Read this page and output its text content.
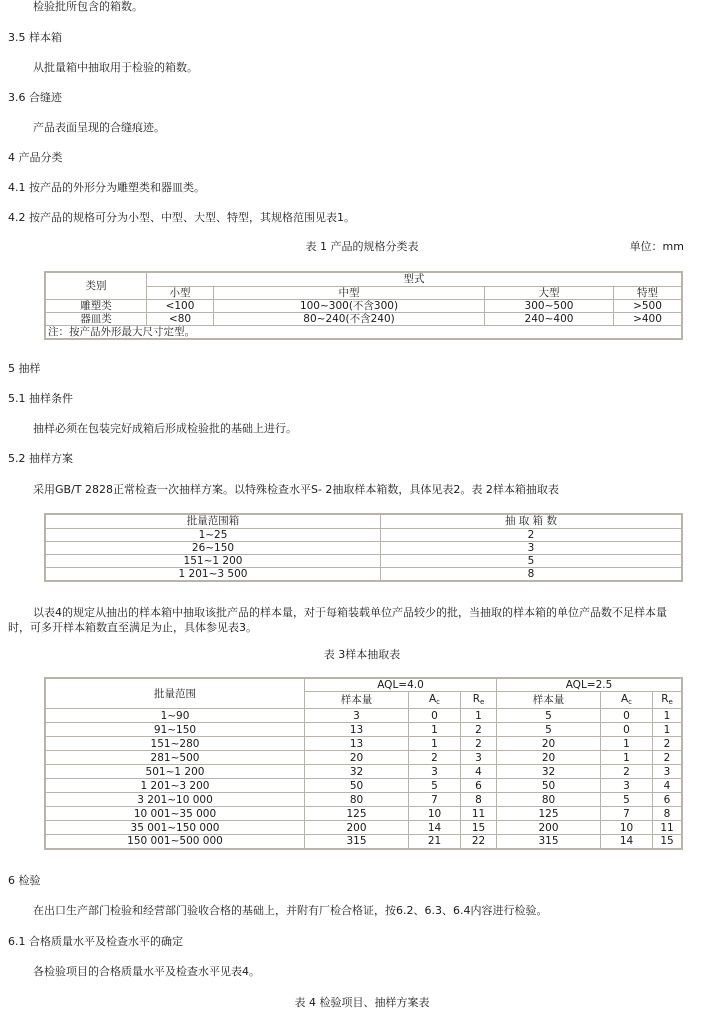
检验批所包含的箱数。

3.5 样本箱

从批量箱中抽取用于检验的箱数。

3.6 合缝迹

产品表面呈现的合缝痕迹。

4 产品分类

4.1 按产品的外形分为雕塑类和器皿类。

4.2 按产品的规格可分为小型、中型、大型、特型，其规格范围见表1。

表 1 产品的规格分类表	单位：mm

类别	型式			
	小型	中型	大型	特型
雕塑类	<100	100~300(不含300)	300~500	>500
器皿类	<80	80~240(不含240)	240~400	>400
注：按产品外形最大尺寸定型。				

5 抽样

5.1 抽样条件

抽样必须在包装完好成箱后形成检验批的基础上进行。

5.2 抽样方案

采用GB/T 2828正常检查一次抽样方案。以特殊检查水平S- 2抽取样本箱数，具体见表2。表 2样本箱抽取表

批量范围箱	抽 取 箱 数
1~25	2
26~150	3
151~1 200	5
1 201~3 500	8

以表4的规定从抽出的样本箱中抽取该批产品的样本量，对于每箱装载单位产品较少的批，当抽取的样本箱的单位产品数不足样本量时，可多开样本箱数直至满足为止，具体参见表3。

表 3样本抽取表

批量范围	AQL=4.0			AQL=2.5		
	样本量	$A_c$	$R_e$	样本量	$A_c$	$R_e$
1~90	3	0	1	5	0	1
91~150	13	1	2	5	0	1
151~280	13	1	2	20	1	2
281~500	20	2	3	20	1	2
501~1 200	32	3	4	32	2	3
1 201~3 200	50	5	6	50	3	4
3 201~10 000	80	7	8	80	5	6
10 001~35 000	125	10	11	125	7	8
35 001~150 000	200	14	15	200	10	11
150 001~500 000	315	21	22	315	14	15

6 检验

在出口生产部门检验和经营部门验收合格的基础上，并附有厂检合格证，按6.2、6.3、6.4内容进行检验。

6.1 合格质量水平及检查水平的确定

各检验项目的合格质量水平及检查水平见表4。

表 4 检验项目、抽样方案表
